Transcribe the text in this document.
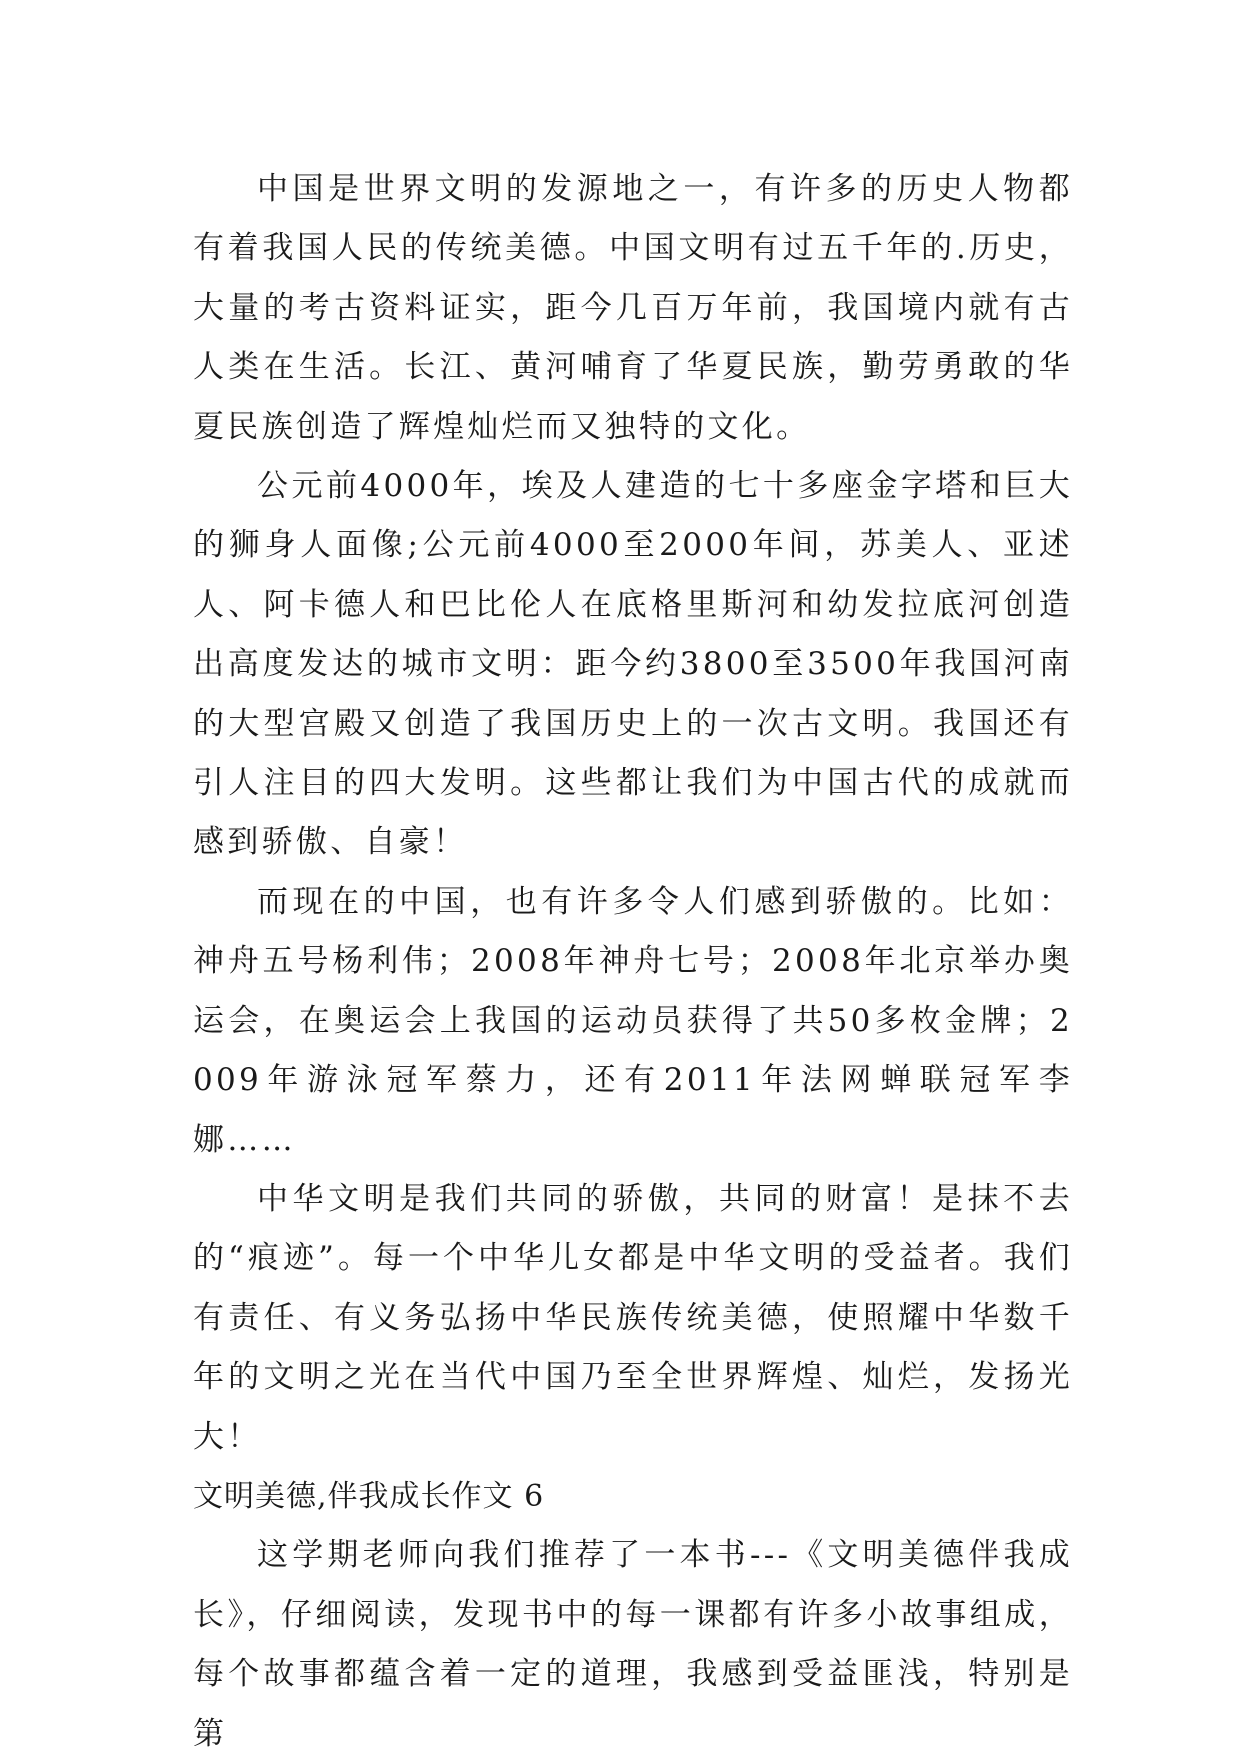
中国是世界文明的发源地之一，有许多的历史人物都有着我国人民的传统美德。中国文明有过五千年的.历史，大量的考古资料证实，距今几百万年前，我国境内就有古人类在生活。长江、黄河哺育了华夏民族，勤劳勇敢的华夏民族创造了辉煌灿烂而又独特的文化。

公元前4000年，埃及人建造的七十多座金字塔和巨大的狮身人面像;公元前4000至2000年间，苏美人、亚述人、阿卡德人和巴比伦人在底格里斯河和幼发拉底河创造出高度发达的城市文明：距今约3800至3500年我国河南的大型宫殿又创造了我国历史上的一次古文明。我国还有引人注目的四大发明。这些都让我们为中国古代的成就而感到骄傲、自豪！

而现在的中国，也有许多令人们感到骄傲的。比如：神舟五号杨利伟；2008年神舟七号；2008年北京举办奥运会，在奥运会上我国的运动员获得了共50多枚金牌；2009年游泳冠军蔡力，还有2011年法网蝉联冠军李娜……

中华文明是我们共同的骄傲，共同的财富！是抹不去的“痕迹”。每一个中华儿女都是中华文明的受益者。我们有责任、有义务弘扬中华民族传统美德，使照耀中华数千年的文明之光在当代中国乃至全世界辉煌、灿烂，发扬光大！

文明美德,伴我成长作文 6

这学期老师向我们推荐了一本书---《文明美德伴我成长》，仔细阅读，发现书中的每一课都有许多小故事组成，每个故事都蕴含着一定的道理，我感到受益匪浅，特别是第
